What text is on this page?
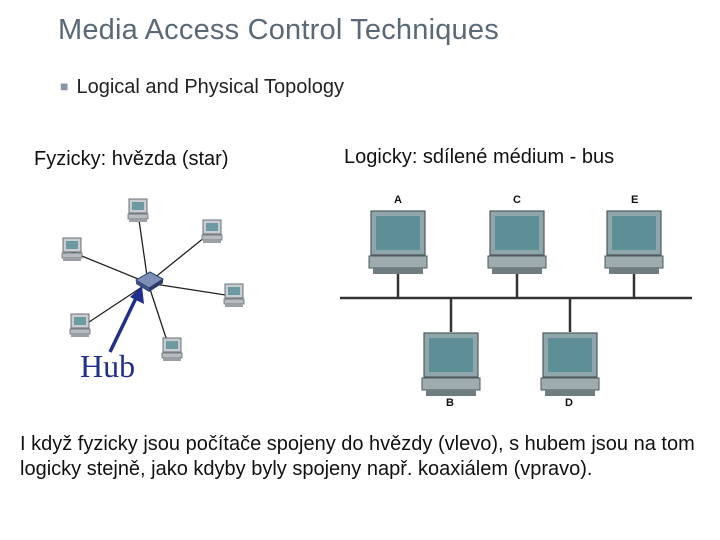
Media Access Control Techniques
■ Logical and Physical Topology
Fyzicky: hvězda (star)	Logicky: sdílené médium - bus
Hub
A	C	E
B	D
I když fyzicky jsou počítače spojeny do hvězdy (vlevo), s hubem jsou na tom logicky stejně, jako kdyby byly spojeny např. koaxiálem (vpravo).
